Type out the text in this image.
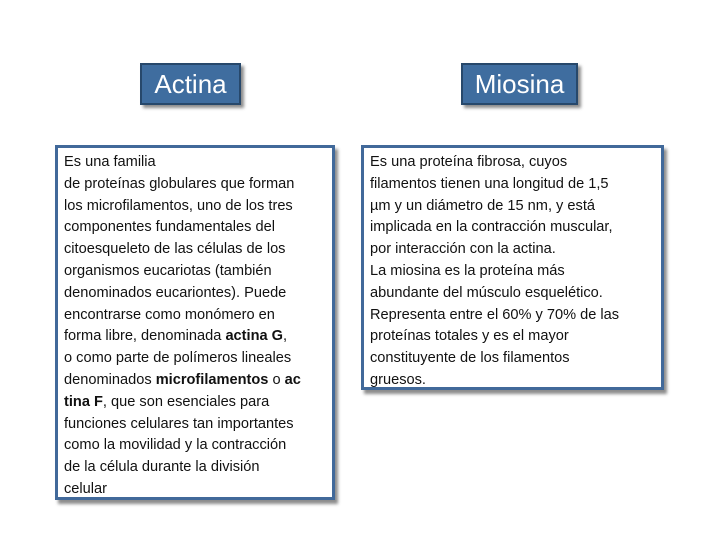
Actina	Miosina
Es una familia
de proteínas globulares que forman
los microfilamentos, uno de los tres
componentes fundamentales del
citoesqueleto de las células de los
organismos eucariotas (también
denominados eucariontes). Puede
encontrarse como monómero en
forma libre, denominada actina G,
o como parte de polímeros lineales
denominados microfilamentos o ac
tina F, que son esenciales para
funciones celulares tan importantes
como la movilidad y la contracción
de la célula durante la división
celular
Es una proteína fibrosa, cuyos
filamentos tienen una longitud de 1,5
µm y un diámetro de 15 nm, y está
implicada en la contracción muscular,
por interacción con la actina.
La miosina es la proteína más
abundante del músculo esquelético.
Representa entre el 60% y 70% de las
proteínas totales y es el mayor
constituyente de los filamentos
gruesos.
